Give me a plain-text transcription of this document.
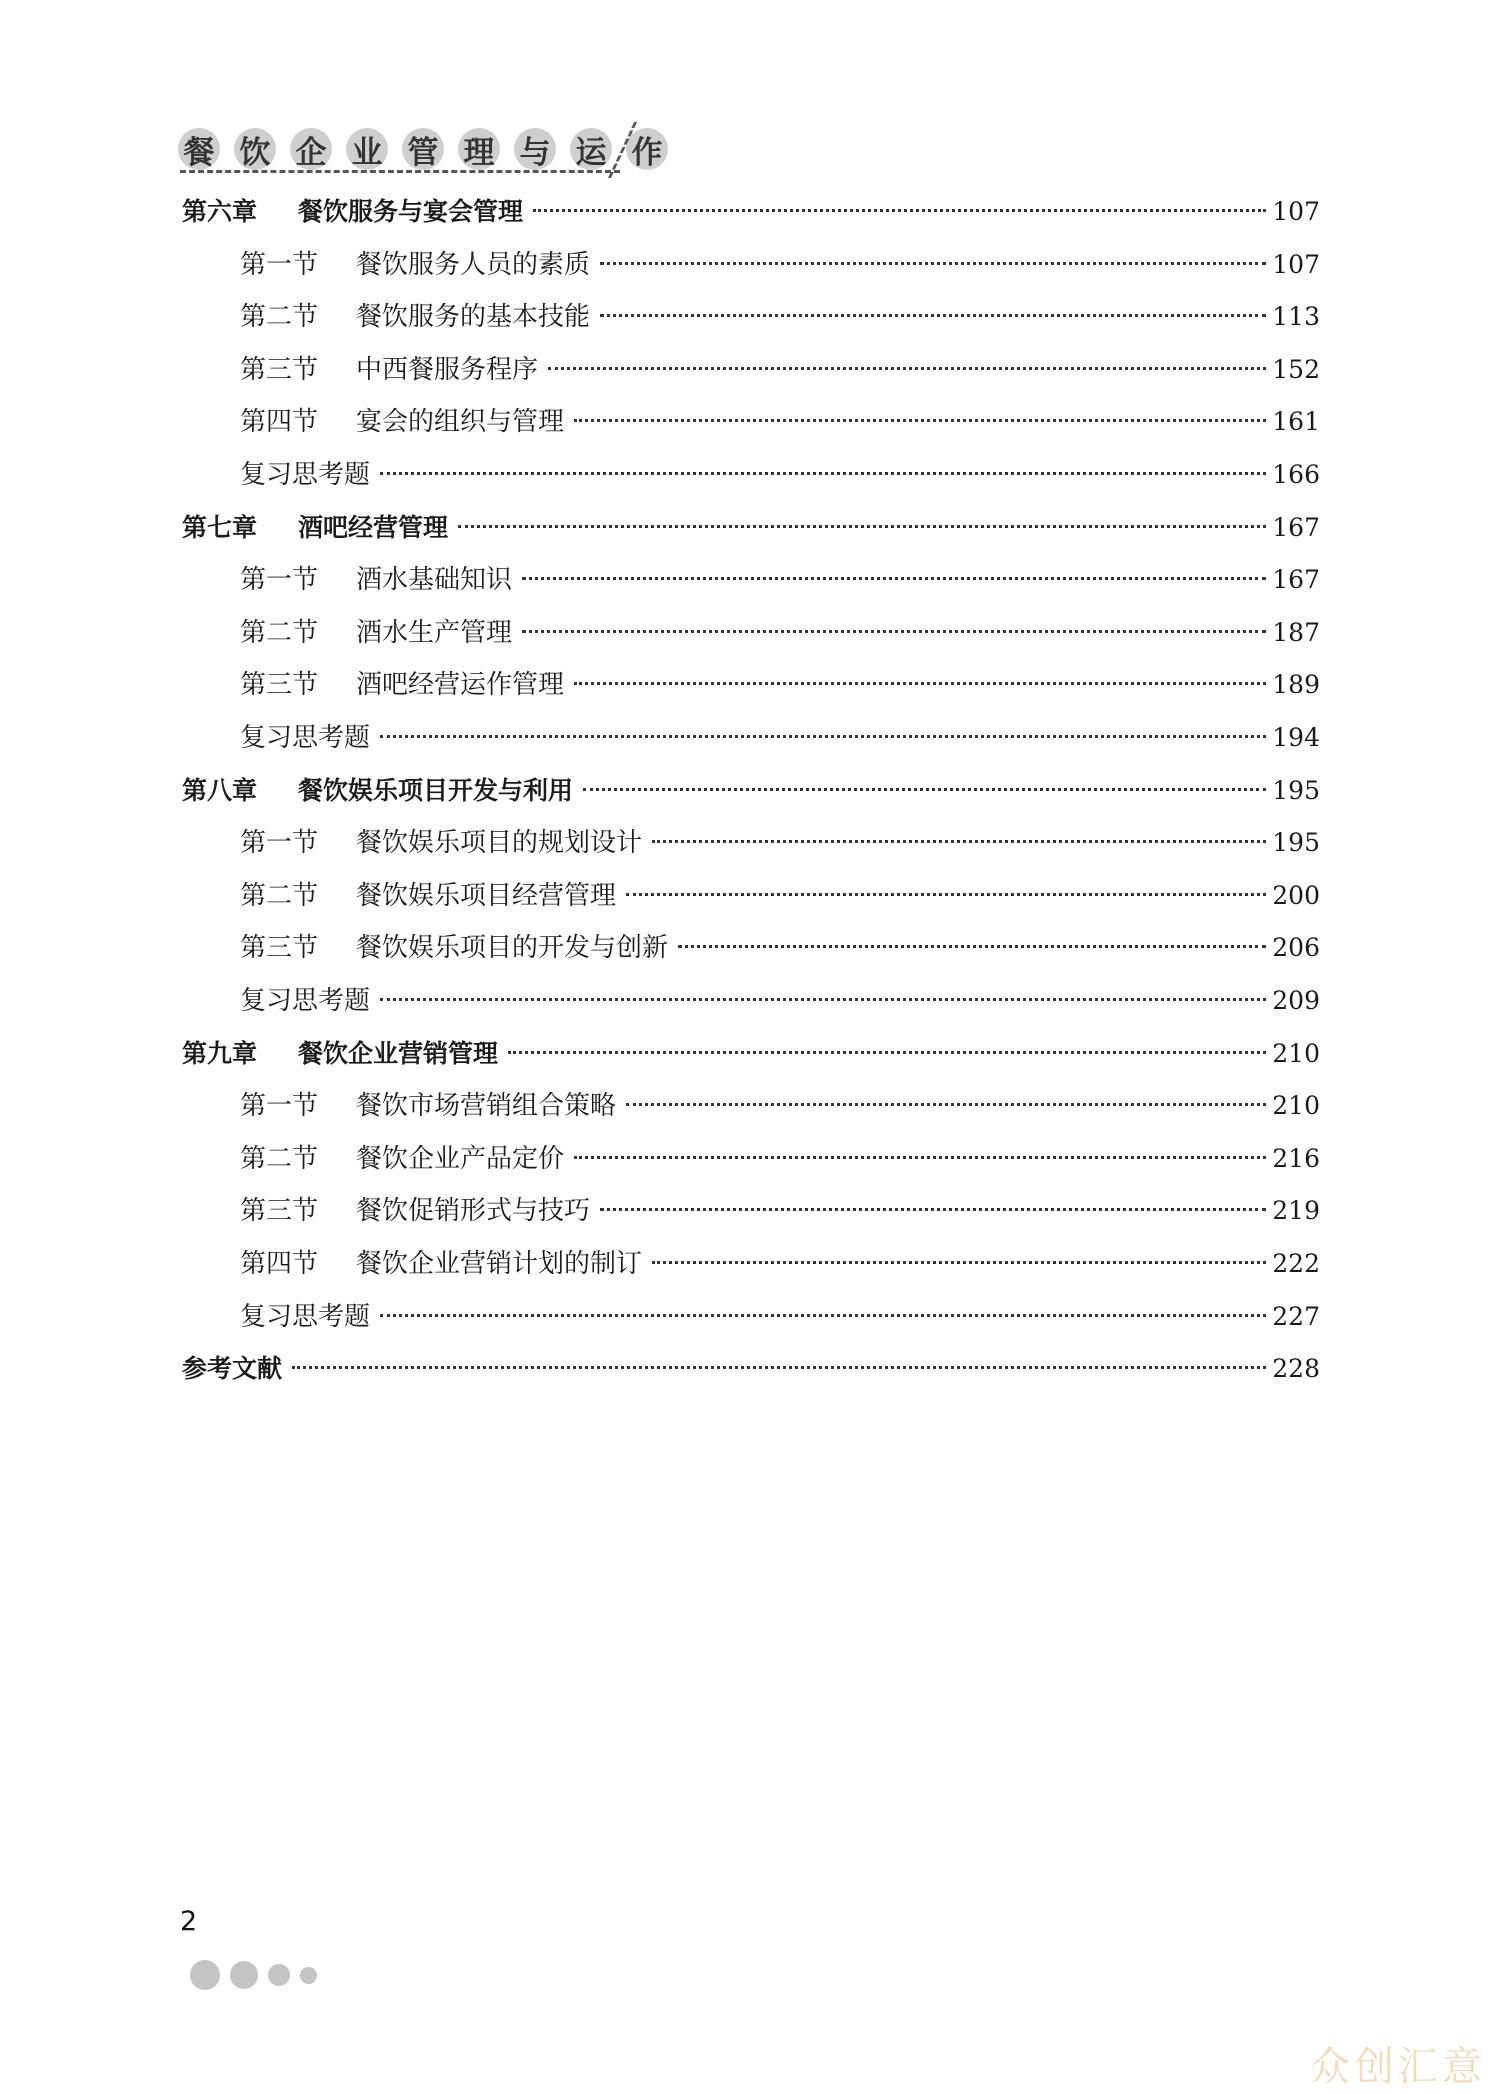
餐 饮 企 业 管 理 与 运 作
第六章	餐饮服务与宴会管理	107
第一节	餐饮服务人员的素质	107
第二节	餐饮服务的基本技能	113
第三节	中西餐服务程序	152
第四节	宴会的组织与管理	161
复习思考题	166
第七章	酒吧经营管理	167
第一节	酒水基础知识	167
第二节	酒水生产管理	187
第三节	酒吧经营运作管理	189
复习思考题	194
第八章	餐饮娱乐项目开发与利用	195
第一节	餐饮娱乐项目的规划设计	195
第二节	餐饮娱乐项目经营管理	200
第三节	餐饮娱乐项目的开发与创新	206
复习思考题	209
第九章	餐饮企业营销管理	210
第一节	餐饮市场营销组合策略	210
第二节	餐饮企业产品定价	216
第三节	餐饮促销形式与技巧	219
第四节	餐饮企业营销计划的制订	222
复习思考题	227
参考文献	228
2
众创汇意
